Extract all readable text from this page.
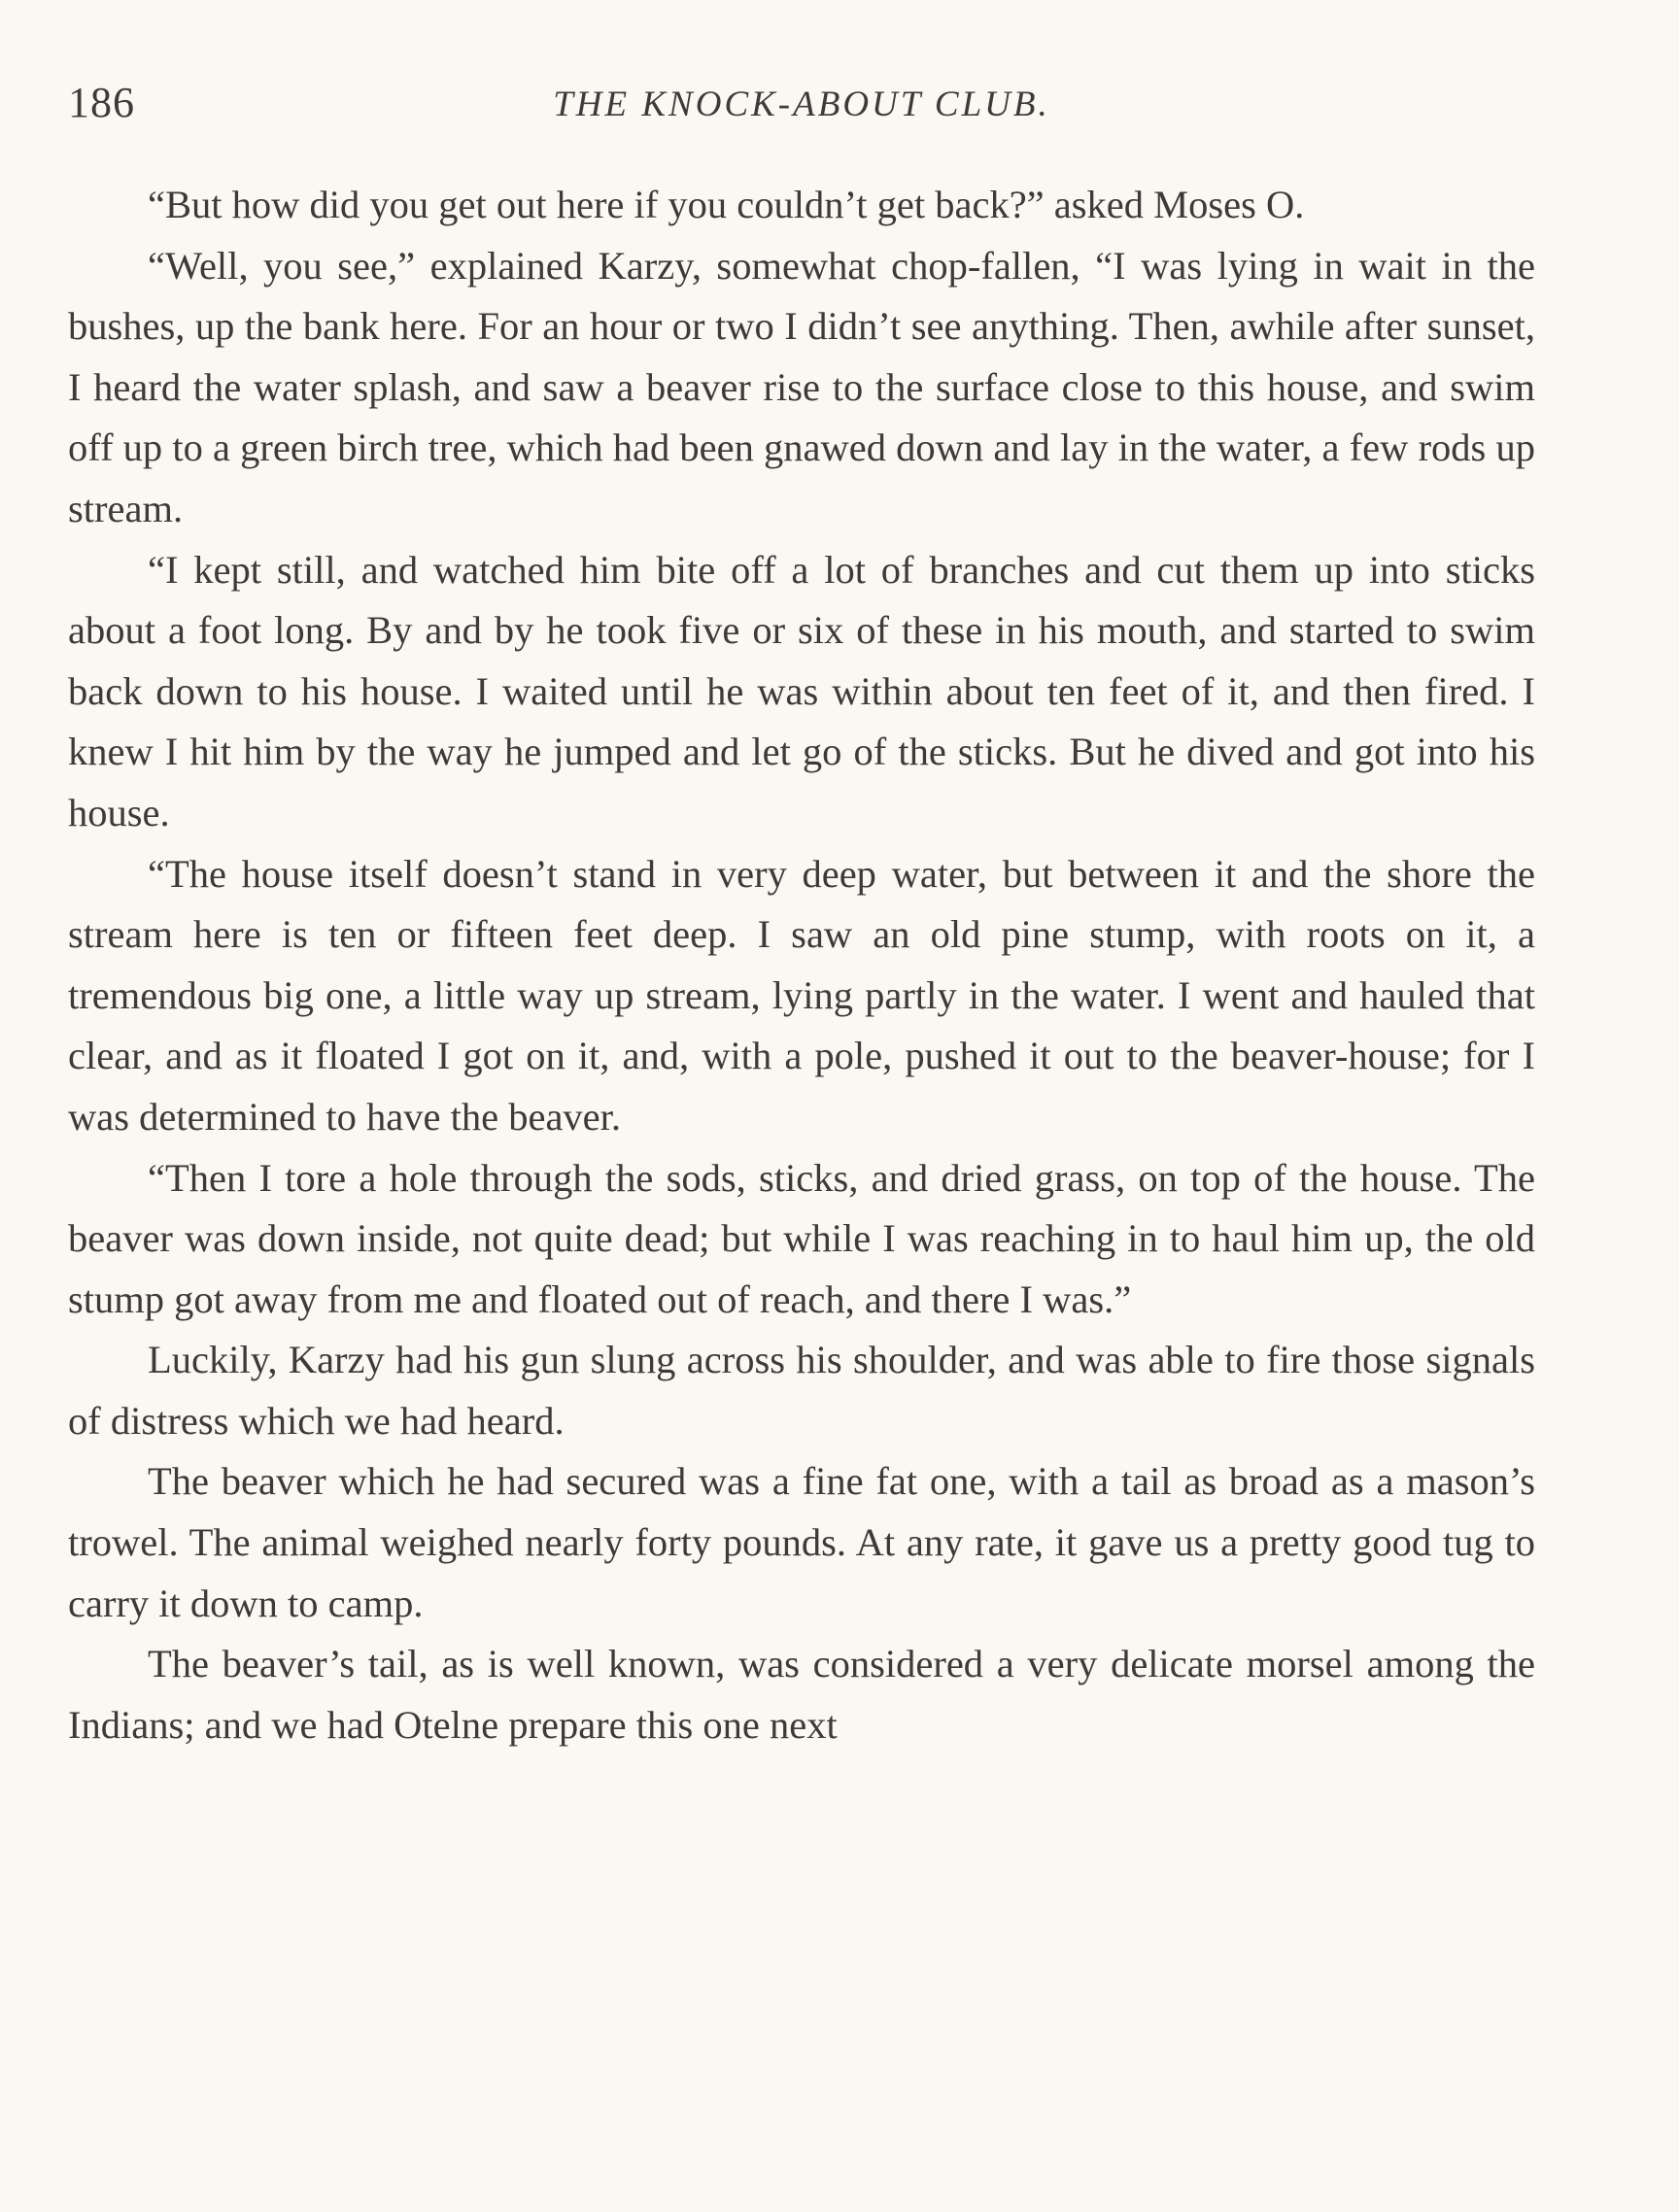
186	THE KNOCK-ABOUT CLUB.

“But how did you get out here if you couldn’t get back?” asked Moses O.

“Well, you see,” explained Karzy, somewhat chop-fallen, “I was lying in wait in the bushes, up the bank here. For an hour or two I didn’t see anything. Then, awhile after sunset, I heard the water splash, and saw a beaver rise to the surface close to this house, and swim off up to a green birch tree, which had been gnawed down and lay in the water, a few rods up stream.

“I kept still, and watched him bite off a lot of branches and cut them up into sticks about a foot long. By and by he took five or six of these in his mouth, and started to swim back down to his house. I waited until he was within about ten feet of it, and then fired. I knew I hit him by the way he jumped and let go of the sticks. But he dived and got into his house.

“The house itself doesn’t stand in very deep water, but between it and the shore the stream here is ten or fifteen feet deep. I saw an old pine stump, with roots on it, a tremendous big one, a little way up stream, lying partly in the water. I went and hauled that clear, and as it floated I got on it, and, with a pole, pushed it out to the beaver-house; for I was determined to have the beaver.

“Then I tore a hole through the sods, sticks, and dried grass, on top of the house. The beaver was down inside, not quite dead; but while I was reaching in to haul him up, the old stump got away from me and floated out of reach, and there I was.”

Luckily, Karzy had his gun slung across his shoulder, and was able to fire those signals of distress which we had heard.

The beaver which he had secured was a fine fat one, with a tail as broad as a mason’s trowel. The animal weighed nearly forty pounds. At any rate, it gave us a pretty good tug to carry it down to camp.

The beaver’s tail, as is well known, was considered a very delicate morsel among the Indians; and we had Otelne prepare this one next
